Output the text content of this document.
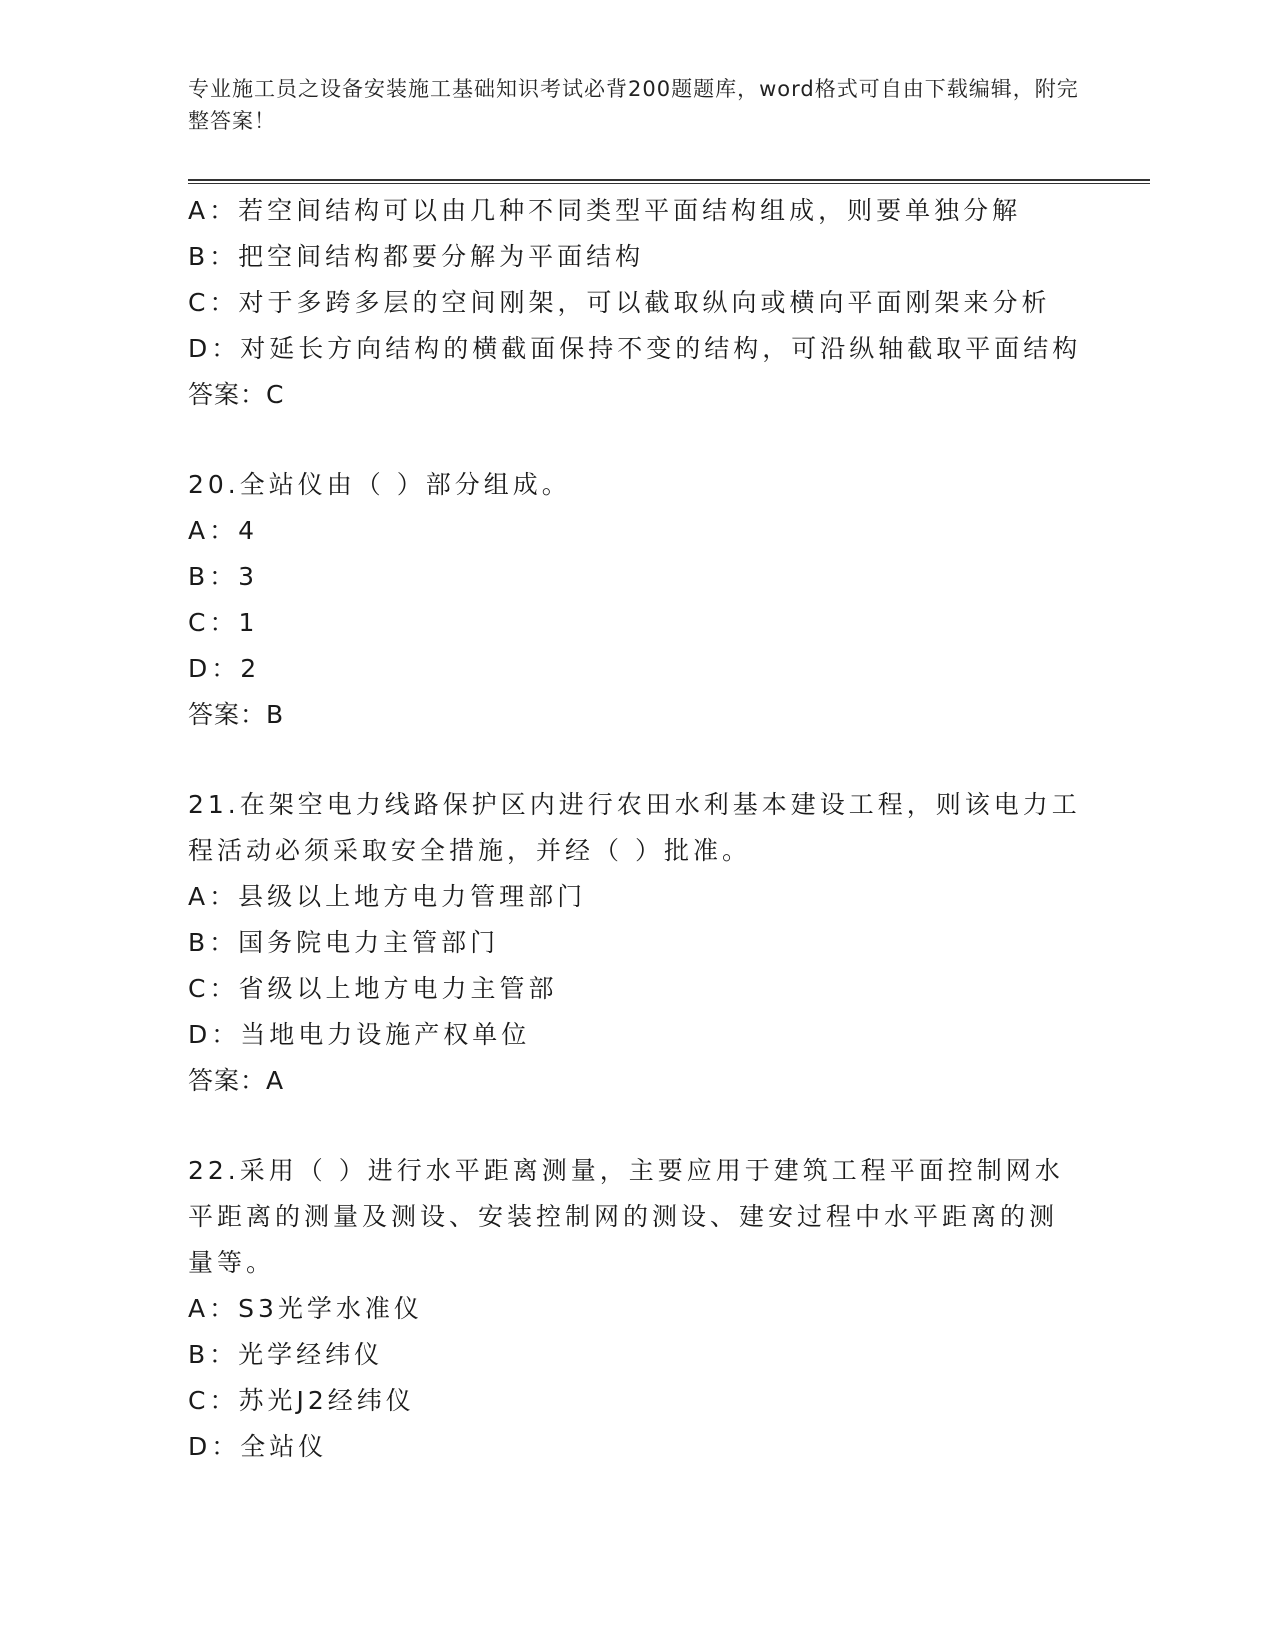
专业施工员之设备安装施工基础知识考试必背200题题库，word格式可自由下载编辑，附完整答案！
A：若空间结构可以由几种不同类型平面结构组成，则要单独分解
B：把空间结构都要分解为平面结构
C：对于多跨多层的空间刚架，可以截取纵向或横向平面刚架来分析
D：对延长方向结构的横截面保持不变的结构，可沿纵轴截取平面结构
答案：C
20.全站仪由（ ）部分组成。
A：4
B：3
C：1
D：2
答案：B
21.在架空电力线路保护区内进行农田水利基本建设工程，则该电力工
程活动必须采取安全措施，并经（ ）批准。
A：县级以上地方电力管理部门
B：国务院电力主管部门
C：省级以上地方电力主管部
D：当地电力设施产权单位
答案：A
22.采用（ ）进行水平距离测量，主要应用于建筑工程平面控制网水
平距离的测量及测设、安装控制网的测设、建安过程中水平距离的测
量等。
A：S3光学水准仪
B：光学经纬仪
C：苏光J2经纬仪
D：全站仪
